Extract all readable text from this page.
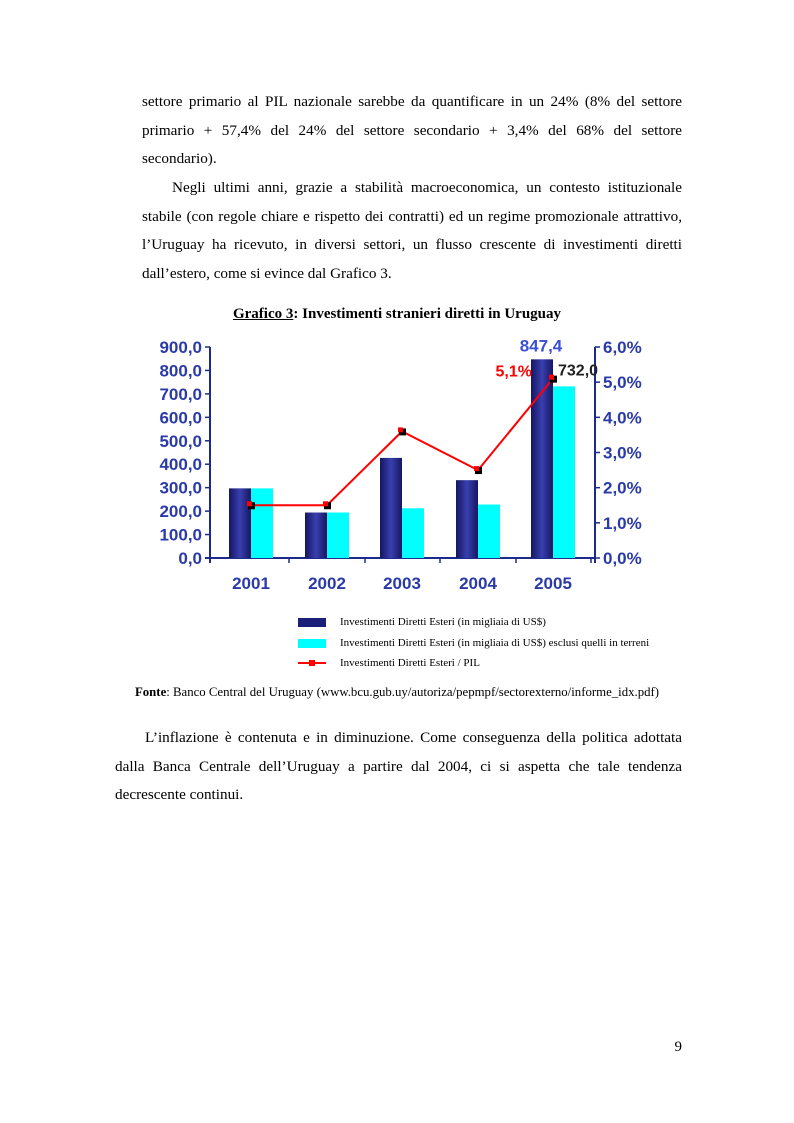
settore primario al PIL nazionale sarebbe da quantificare in un 24% (8% del settore primario + 57,4% del 24% del settore secondario + 3,4% del 68% del settore secondario).

Negli ultimi anni, grazie a stabilità macroeconomica, un contesto istituzionale stabile (con regole chiare e rispetto dei contratti) ed un regime promozionale attrattivo, l’Uruguay ha ricevuto, in diversi settori, un flusso crescente di investimenti diretti dall’estero, come si evince dal Grafico 3.

Grafico 3: Investimenti stranieri diretti in Uruguay
0,0
100,0
200,0
300,0
400,0
500,0
600,0
700,0
800,0
900,0
0,0%
1,0%
2,0%
3,0%
4,0%
5,0%
6,0%
2001 2002 2003 2004 2005
847,4
732,0
5,1%
Investimenti Diretti Esteri (in migliaia di US$)
Investimenti Diretti Esteri (in migliaia di US$) esclusi quelli in terreni
Investimenti Diretti Esteri / PIL
Fonte: Banco Central del Uruguay (www.bcu.gub.uy/autoriza/pepmpf/sectorexterno/informe_idx.pdf)

L’inflazione è contenuta e in diminuzione. Come conseguenza della politica adottata dalla Banca Centrale dell’Uruguay a partire dal 2004, ci si aspetta che tale tendenza decrescente continui.

9
